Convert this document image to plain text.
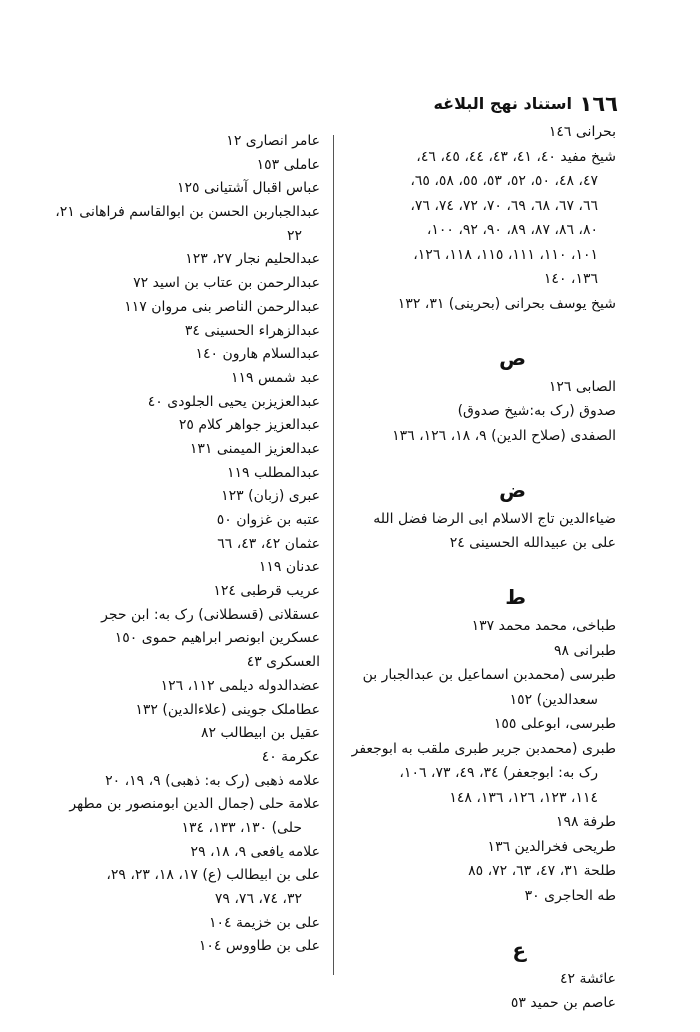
١٦٦
استناد نهج البلاغه
بحرانی ١٤٦
شیخ مفید ٤٠، ٤١، ٤٣، ٤٤، ٤٥، ٤٦،
٤٧، ٤٨، ٥٠، ٥٢، ٥٣، ٥٥، ٥٨، ٦٥،
٦٦، ٦٧، ٦٨، ٦٩، ٧٠، ٧٢، ٧٤، ٧٦،
٨٠، ٨٦، ٨٧، ٨٩، ٩٠، ٩٢، ١٠٠،
١٠١، ١١٠، ١١١، ١١٥، ١١٨، ١٢٦،
١٣٦، ١٤٠
شیخ یوسف بحرانی (بحرینی) ٣١، ١٣٢
ص
الصابی ١٢٦
صدوق (رک به:شیخ صدوق)
الصفدی (صلاح الدین) ٩، ١٨، ١٢٦، ١٣٦
ض
ضیاءالدین تاج الاسلام ابی الرضا فضل الله
علی بن عبیدالله الحسینی ٢٤
ط
طباخی، محمد محمد ١٣٧
طبرانی ٩٨
طبرسی (محمدبن اسماعیل بن عبدالجبار بن
سعدالدین) ١٥٢
طبرسی، ابوعلی ١٥٥
طبری (محمدبن جریر طبری ملقب به ابوجعفر
رک به: ابوجعفر) ٣٤، ٤٩، ٧٣، ١٠٦،
١١٤، ١٢٣، ١٢٦، ١٣٦، ١٤٨
طرفة ١٩٨
طریحی فخرالدین ١٣٦
طلحة ٣١، ٤٧، ٦٣، ٧٢، ٨٥
طه الحاجری ٣٠
ع
عائشة ٤٢
عاصم بن حمید ٥٣
عامر انصاری ١٢
عاملی ١٥٣
عباس اقبال آشتیانی ١٢٥
عبدالجباربن الحسن بن ابوالقاسم فراهانی ٢١،
٢٢
عبدالحلیم نجار ٢٧، ١٢٣
عبدالرحمن بن عتاب بن اسید ٧٢
عبدالرحمن الناصر بنی مروان ١١٧
عبدالزهراء الحسینی ٣٤
عبدالسلام هارون ١٤٠
عبد شمس ١١٩
عبدالعزیزبن یحیی الجلودی ٤٠
عبدالعزیز جواهر کلام ٢٥
عبدالعزیز المیمنی ١٣١
عبدالمطلب ١١٩
عبری (زبان) ١٢٣
عتبه بن غزوان ٥٠
عثمان ٤٢، ٤٣، ٦٦
عدنان ١١٩
عریب قرطبی ١٢٤
عسقلانی (قسطلانی) رک به: ابن حجر
عسکرین ابونصر ابراهیم حموی ١٥٠
العسکری ٤٣
عضدالدوله دیلمی ١١٢، ١٢٦
عطاملک جوینی (علاءالدین) ١٣٢
عقیل بن ابیطالب ٨٢
عکرمة ٤٠
علامه ذهبی (رک به: ذهبی) ٩، ١٩، ٢٠
علامة حلی (جمال الدین ابومنصور بن مطهر
حلی) ١٣٠، ١٣٣، ١٣٤
علامه یافعی ٩، ١٨، ٢٩
علی بن ابیطالب (ع) ١٧، ١٨، ٢٣، ٢٩،
٣٢، ٧٤، ٧٦، ٧٩
علی بن خزیمة ١٠٤
علی بن طاووس ١٠٤
